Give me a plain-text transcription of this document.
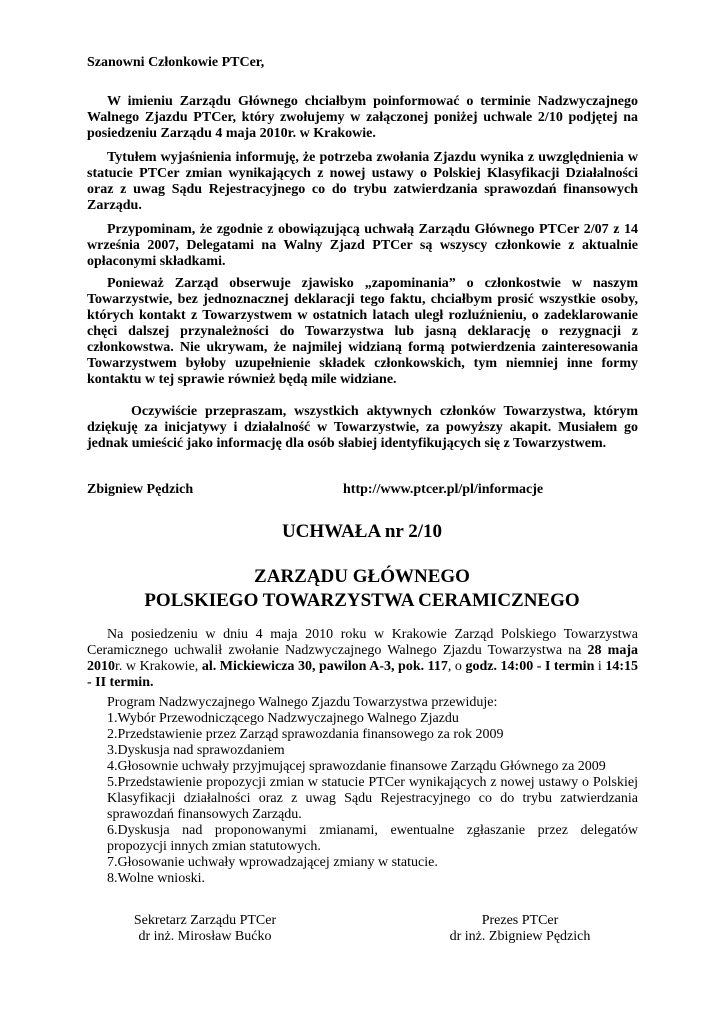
Szanowni Członkowie PTCer,
W imieniu Zarządu Głównego chciałbym poinformować o terminie Nadzwyczajnego Walnego Zjazdu PTCer, który zwołujemy w załączonej poniżej uchwale 2/10 podjętej na posiedzeniu Zarządu 4 maja 2010r. w Krakowie.
Tytułem wyjaśnienia informuję, że potrzeba zwołania Zjazdu wynika z uwzględnienia w statucie PTCer zmian wynikających z nowej ustawy o Polskiej Klasyfikacji Działalności oraz z uwag Sądu Rejestracyjnego co do trybu zatwierdzania sprawozdań finansowych Zarządu.
Przypominam, że zgodnie z obowiązującą uchwałą Zarządu Głównego PTCer 2/07 z 14 września 2007, Delegatami na Walny Zjazd PTCer są wszyscy członkowie z aktualnie opłaconymi składkami.
Ponieważ Zarząd obserwuje zjawisko „zapominania” o członkostwie w naszym Towarzystwie, bez jednoznacznej deklaracji tego faktu, chciałbym prosić wszystkie osoby, których kontakt z Towarzystwem w ostatnich latach uległ rozluźnieniu, o zadeklarowanie chęci dalszej przynależności do Towarzystwa lub jasną deklarację o rezygnacji z członkowstwa. Nie ukrywam, że najmilej widzianą formą potwierdzenia zainteresowania Towarzystwem byłoby uzupełnienie składek członkowskich, tym niemniej inne formy kontaktu w tej sprawie również będą mile widziane.
Oczywiście przepraszam, wszystkich aktywnych członków Towarzystwa, którym dziękuję za inicjatywy i działalność w Towarzystwie, za powyższy akapit. Musiałem go jednak umieścić jako informację dla osób słabiej identyfikujących się z Towarzystwem.
Zbigniew Pędzich	http://www.ptcer.pl/pl/informacje
UCHWAŁA nr 2/10
ZARZĄDU GŁÓWNEGO
POLSKIEGO TOWARZYSTWA CERAMICZNEGO
Na posiedzeniu w dniu 4 maja 2010 roku w Krakowie Zarząd Polskiego Towarzystwa Ceramicznego uchwalił zwołanie Nadzwyczajnego Walnego Zjazdu Towarzystwa na 28 maja 2010r. w Krakowie, al. Mickiewicza 30, pawilon A-3, pok. 117, o godz. 14:00 - I termin i 14:15 - II termin.
Program Nadzwyczajnego Walnego Zjazdu Towarzystwa przewiduje:
1.Wybór Przewodniczącego Nadzwyczajnego Walnego Zjazdu
2.Przedstawienie przez Zarząd sprawozdania finansowego za rok 2009
3.Dyskusja nad sprawozdaniem
4.Głosownie uchwały przyjmującej sprawozdanie finansowe Zarządu Głównego za 2009
5.Przedstawienie propozycji zmian w statucie PTCer wynikających z nowej ustawy o Polskiej Klasyfikacji działalności oraz z uwag Sądu Rejestracyjnego co do trybu zatwierdzania sprawozdań finansowych Zarządu.
6.Dyskusja nad proponowanymi zmianami, ewentualne zgłaszanie przez delegatów propozycji innych zmian statutowych.
7.Głosowanie uchwały wprowadzającej zmiany w statucie.
8.Wolne wnioski.
Sekretarz Zarządu PTCer
dr inż. Mirosław Bućko
Prezes PTCer
dr inż. Zbigniew Pędzich
